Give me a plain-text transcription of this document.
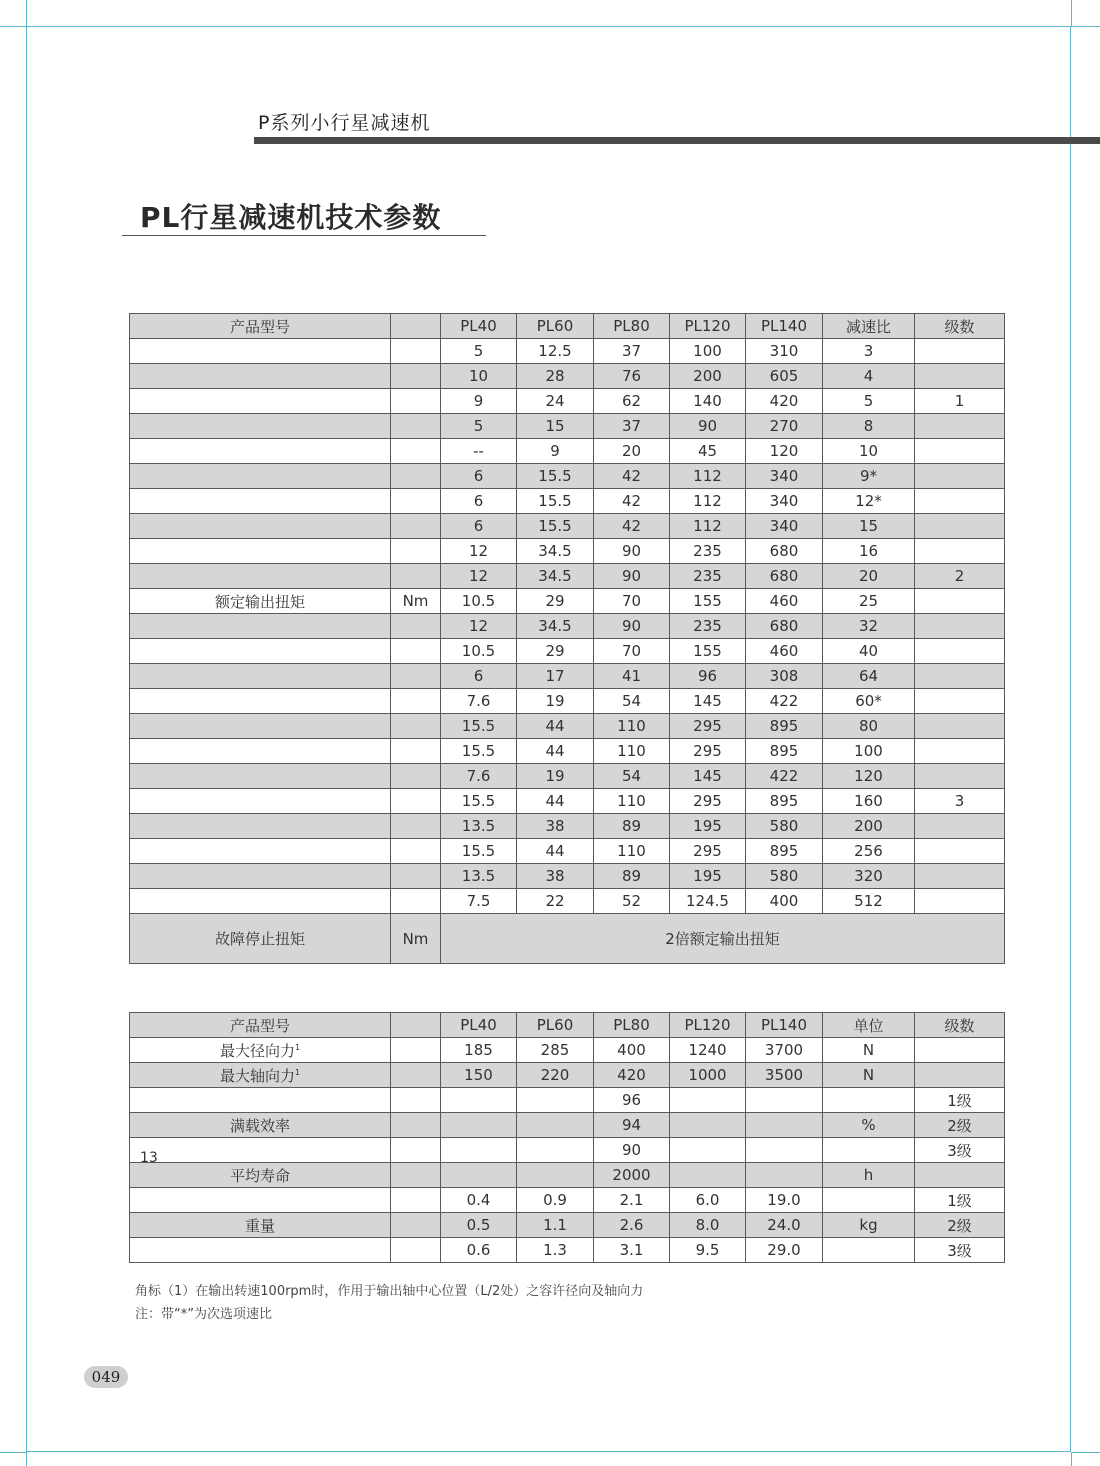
P系列小行星减速机
PL行星减速机技术参数
产品型号		PL40	PL60	PL80	PL120	PL140	减速比	级数
		5	12.5	37	100	310	3	
		10	28	76	200	605	4	
		9	24	62	140	420	5	1
		5	15	37	90	270	8	
		--	9	20	45	120	10	
		6	15.5	42	112	340	9*	
		6	15.5	42	112	340	12*	
		6	15.5	42	112	340	15	
		12	34.5	90	235	680	16	
		12	34.5	90	235	680	20	2
额定输出扭矩	Nm	10.5	29	70	155	460	25	
		12	34.5	90	235	680	32	
		10.5	29	70	155	460	40	
		6	17	41	96	308	64	
		7.6	19	54	145	422	60*	
		15.5	44	110	295	895	80	
		15.5	44	110	295	895	100	
		7.6	19	54	145	422	120	
		15.5	44	110	295	895	160	3
		13.5	38	89	195	580	200	
		15.5	44	110	295	895	256	
		13.5	38	89	195	580	320	
		7.5	22	52	124.5	400	512	
故障停止扭矩	Nm	2倍额定输出扭矩						
产品型号		PL40	PL60	PL80	PL120	PL140	单位	级数
最大径向力$^1$		185	285	400	1240	3700	N	
最大轴向力$^1$		150	220	420	1000	3500	N	
				96				1级
满载效率				94			%	2级
				90				3级
平均寿命				2000			h	
		0.4	0.9	2.1	6.0	19.0		1级
重量		0.5	1.1	2.6	8.0	24.0	kg	2级
		0.6	1.3	3.1	9.5	29.0		3级
13
角标（1）在输出转速100rpm时，作用于输出轴中心位置（L/2处）之容许径向及轴向力
注：带“*”为次选项速比
049
